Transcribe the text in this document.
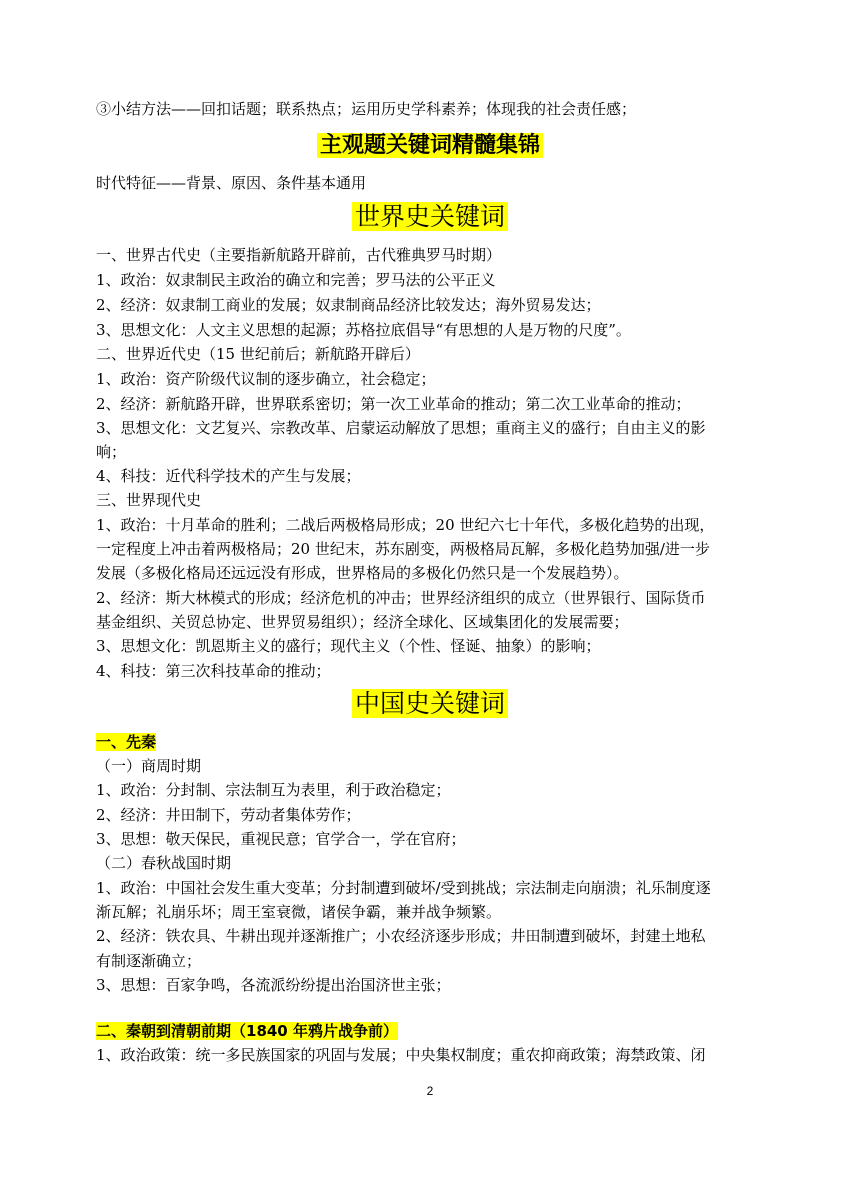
③小结方法——回扣话题；联系热点；运用历史学科素养；体现我的社会责任感；
主观题关键词精髓集锦
时代特征——背景、原因、条件基本通用
世界史关键词
一、世界古代史（主要指新航路开辟前，古代雅典罗马时期）
1、政治：奴隶制民主政治的确立和完善；罗马法的公平正义
2、经济：奴隶制工商业的发展；奴隶制商品经济比较发达；海外贸易发达；
3、思想文化：人文主义思想的起源；苏格拉底倡导“有思想的人是万物的尺度”。
二、世界近代史（15 世纪前后；新航路开辟后）
1、政治：资产阶级代议制的逐步确立，社会稳定；
2、经济：新航路开辟，世界联系密切；第一次工业革命的推动；第二次工业革命的推动；
3、思想文化：文艺复兴、宗教改革、启蒙运动解放了思想；重商主义的盛行；自由主义的影
响；
4、科技：近代科学技术的产生与发展；
三、世界现代史
1、政治：十月革命的胜利；二战后两极格局形成；20 世纪六七十年代，多极化趋势的出现，
一定程度上冲击着两极格局；20 世纪末，苏东剧变，两极格局瓦解，多极化趋势加强/进一步
发展（多极化格局还远远没有形成，世界格局的多极化仍然只是一个发展趋势）。
2、经济：斯大林模式的形成；经济危机的冲击；世界经济组织的成立（世界银行、国际货币
基金组织、关贸总协定、世界贸易组织）；经济全球化、区域集团化的发展需要；
3、思想文化：凯恩斯主义的盛行；现代主义（个性、怪诞、抽象）的影响；
4、科技：第三次科技革命的推动；
中国史关键词
一、先秦
（一）商周时期
1、政治：分封制、宗法制互为表里，利于政治稳定；
2、经济：井田制下，劳动者集体劳作；
3、思想：敬天保民，重视民意；官学合一，学在官府；
（二）春秋战国时期
1、政治：中国社会发生重大变革；分封制遭到破坏/受到挑战；宗法制走向崩溃；礼乐制度逐
渐瓦解；礼崩乐坏；周王室衰微，诸侯争霸，兼并战争频繁。
2、经济：铁农具、牛耕出现并逐渐推广；小农经济逐步形成；井田制遭到破坏，封建土地私
有制逐渐确立；
3、思想：百家争鸣，各流派纷纷提出治国济世主张；
二、秦朝到清朝前期（1840 年鸦片战争前）
1、政治政策：统一多民族国家的巩固与发展；中央集权制度；重农抑商政策；海禁政策、闭
2
